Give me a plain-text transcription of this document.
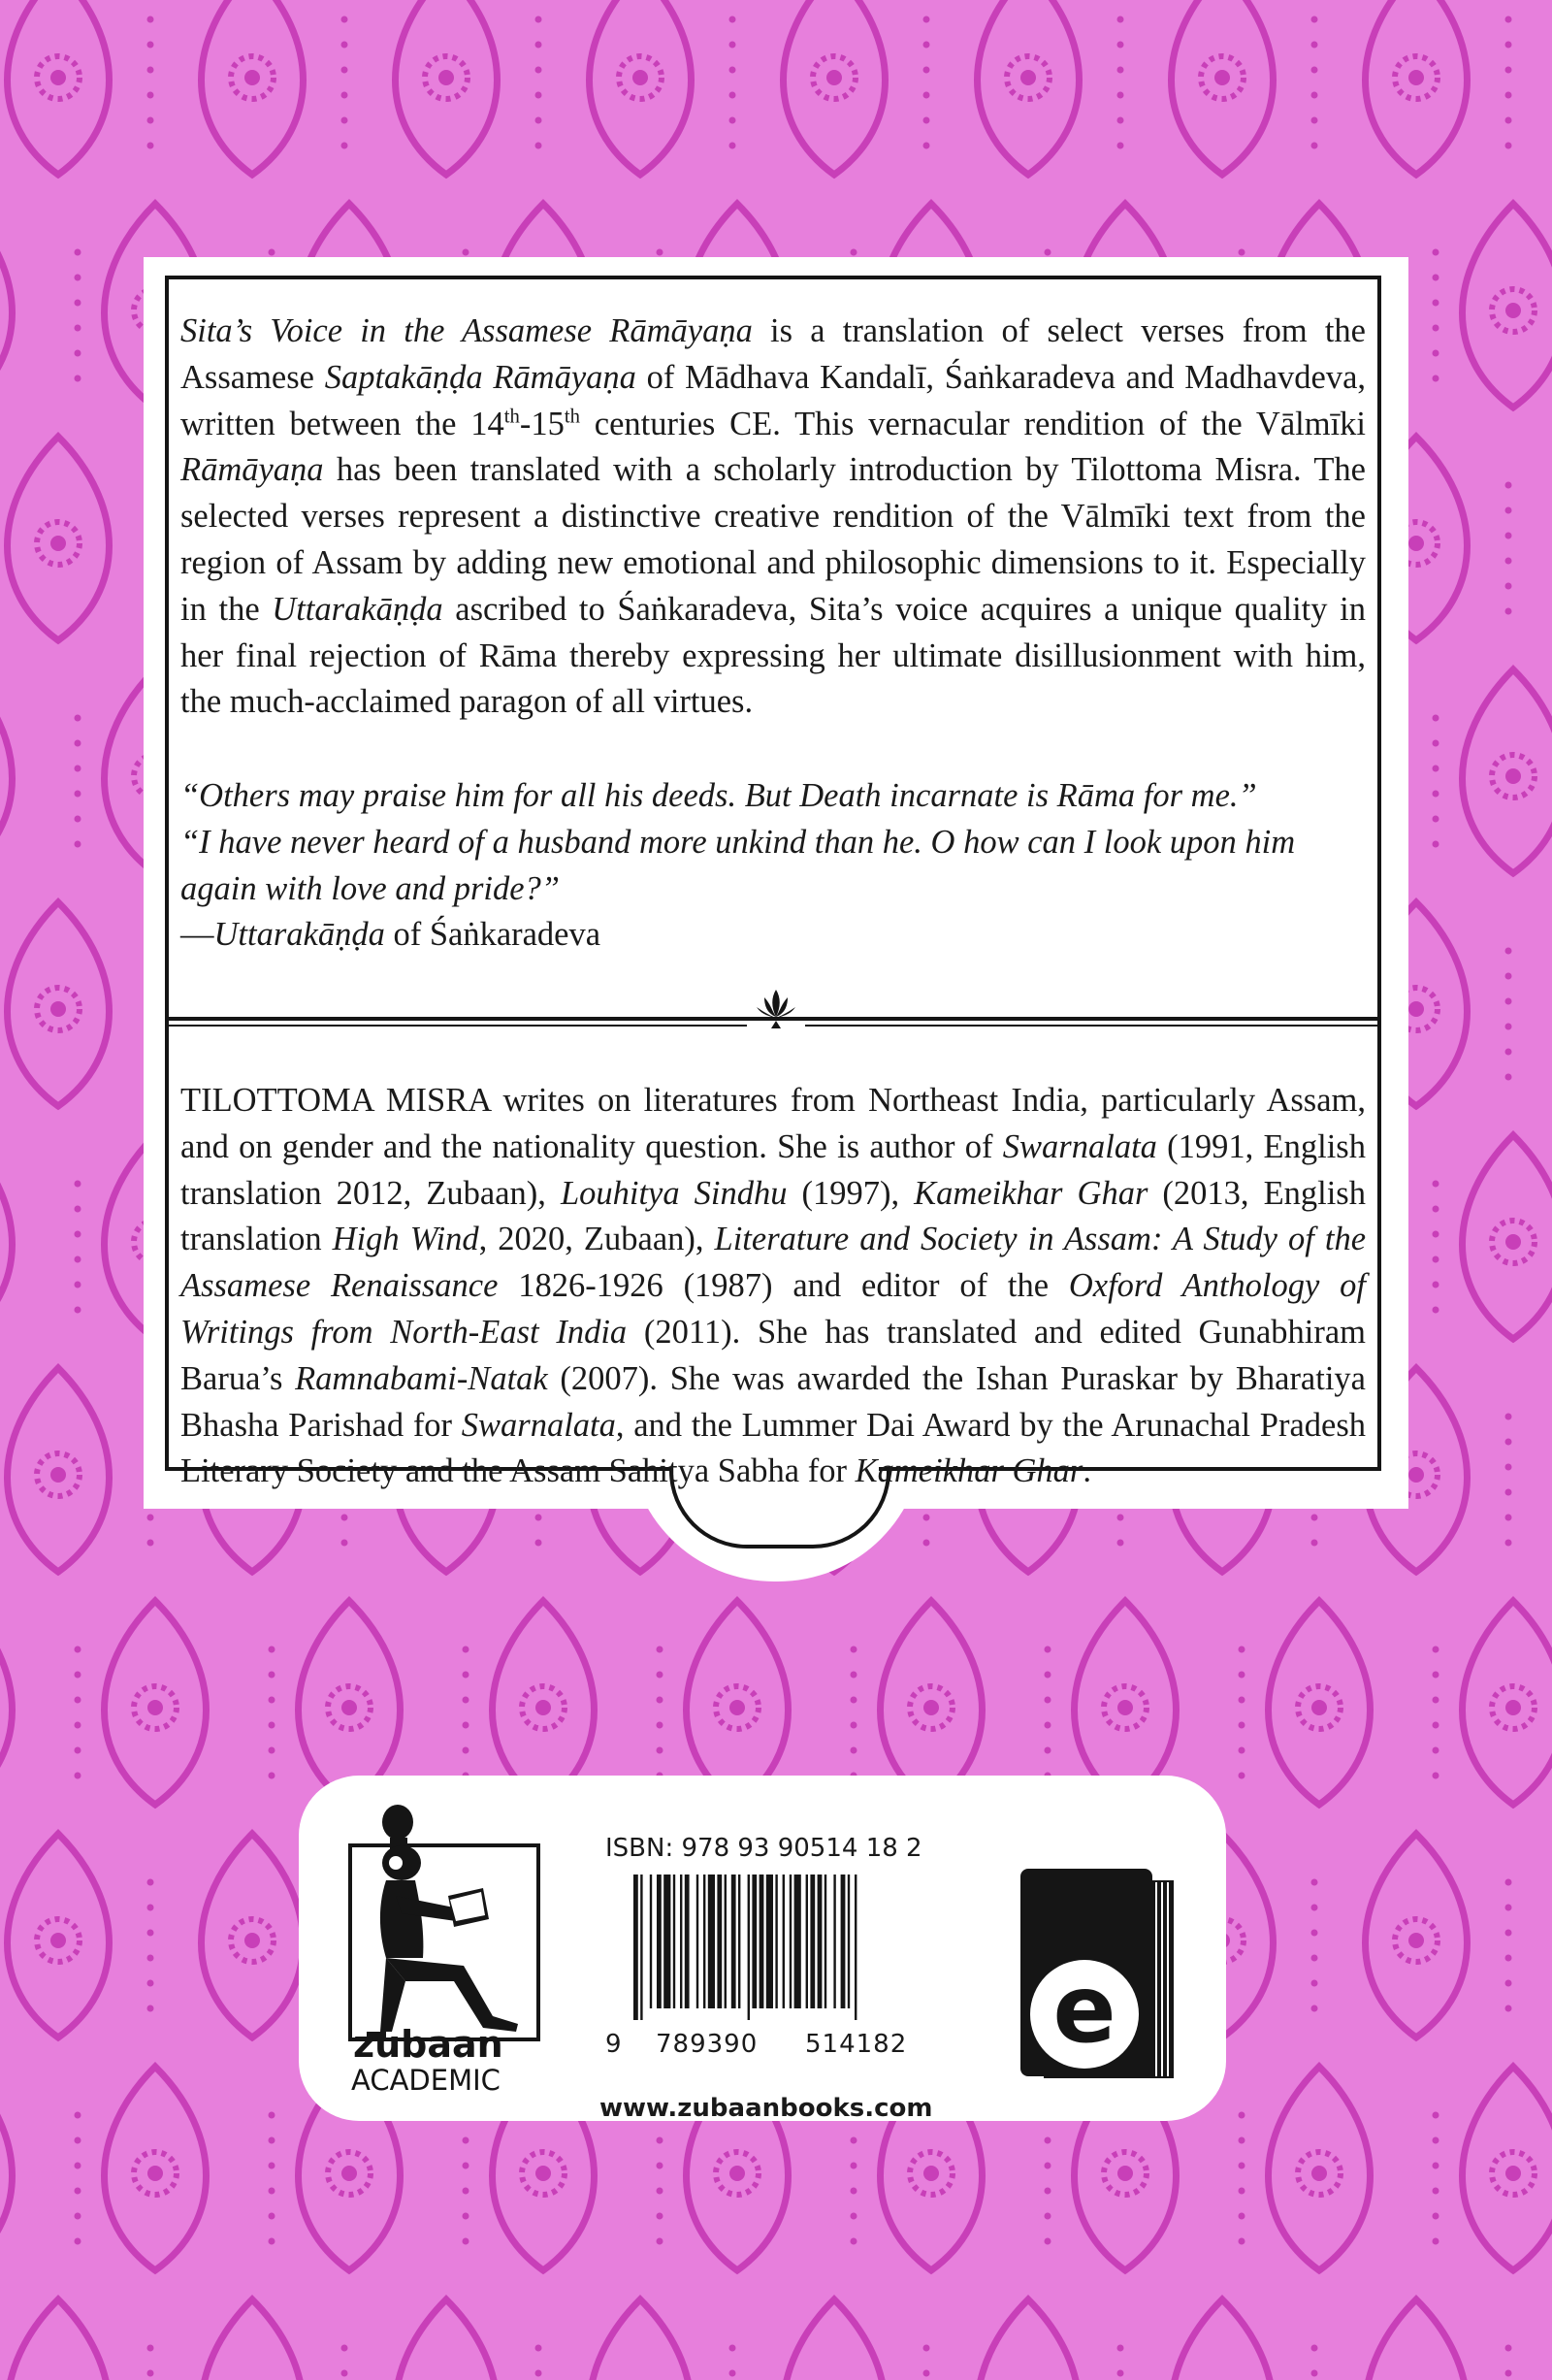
Sita’s Voice in the Assamese Rāmāyaṇa is a translation of select verses from the Assamese Saptakāṇḍa Rāmāyaṇa of Mādhava Kandalī, Śaṅkaradeva and Madhavdeva, written between the 14th-15th centuries CE. This vernacular rendition of the Vālmīki Rāmāyaṇa has been translated with a scholarly introduction by Tilottoma Misra. The selected verses represent a distinctive creative rendition of the Vālmīki text from the region of Assam by adding new emotional and philosophic dimensions to it. Especially in the Uttarakāṇḍa ascribed to Śaṅkaradeva, Sita’s voice acquires a unique quality in her final rejection of Rāma thereby expressing her ultimate disillusionment with him, the much-acclaimed paragon of all virtues.

“Others may praise him for all his deeds. But Death incarnate is Rāma for me.”

“I have never heard of a husband more unkind than he. O how can I look upon him again with love and pride?”

—Uttarakāṇḍa of Śaṅkaradeva

TILOTTOMA MISRA writes on literatures from Northeast India, particularly Assam, and on gender and the nationality question. She is author of Swarnalata (1991, English translation 2012, Zubaan), Louhitya Sindhu (1997), Kameikhar Ghar (2013, English translation High Wind, 2020, Zubaan), Literature and Society in Assam: A Study of the Assamese Renaissance 1826-1926 (1987) and editor of the Oxford Anthology of Writings from North-East India (2011). She has translated and edited Gunabhiram Barua’s Ramnabami-Natak (2007). She was awarded the Ishan Puraskar by Bharatiya Bhasha Parishad for Swarnalata, and the Lummer Dai Award by the Arunachal Pradesh Literary Society and the Assam Sahitya Sabha for Kameikhar Ghar.

zubaan
ACADEMIC
ISBN: 978 93 90514 18 2
9 789390 514182
www.zubaanbooks.com
e
